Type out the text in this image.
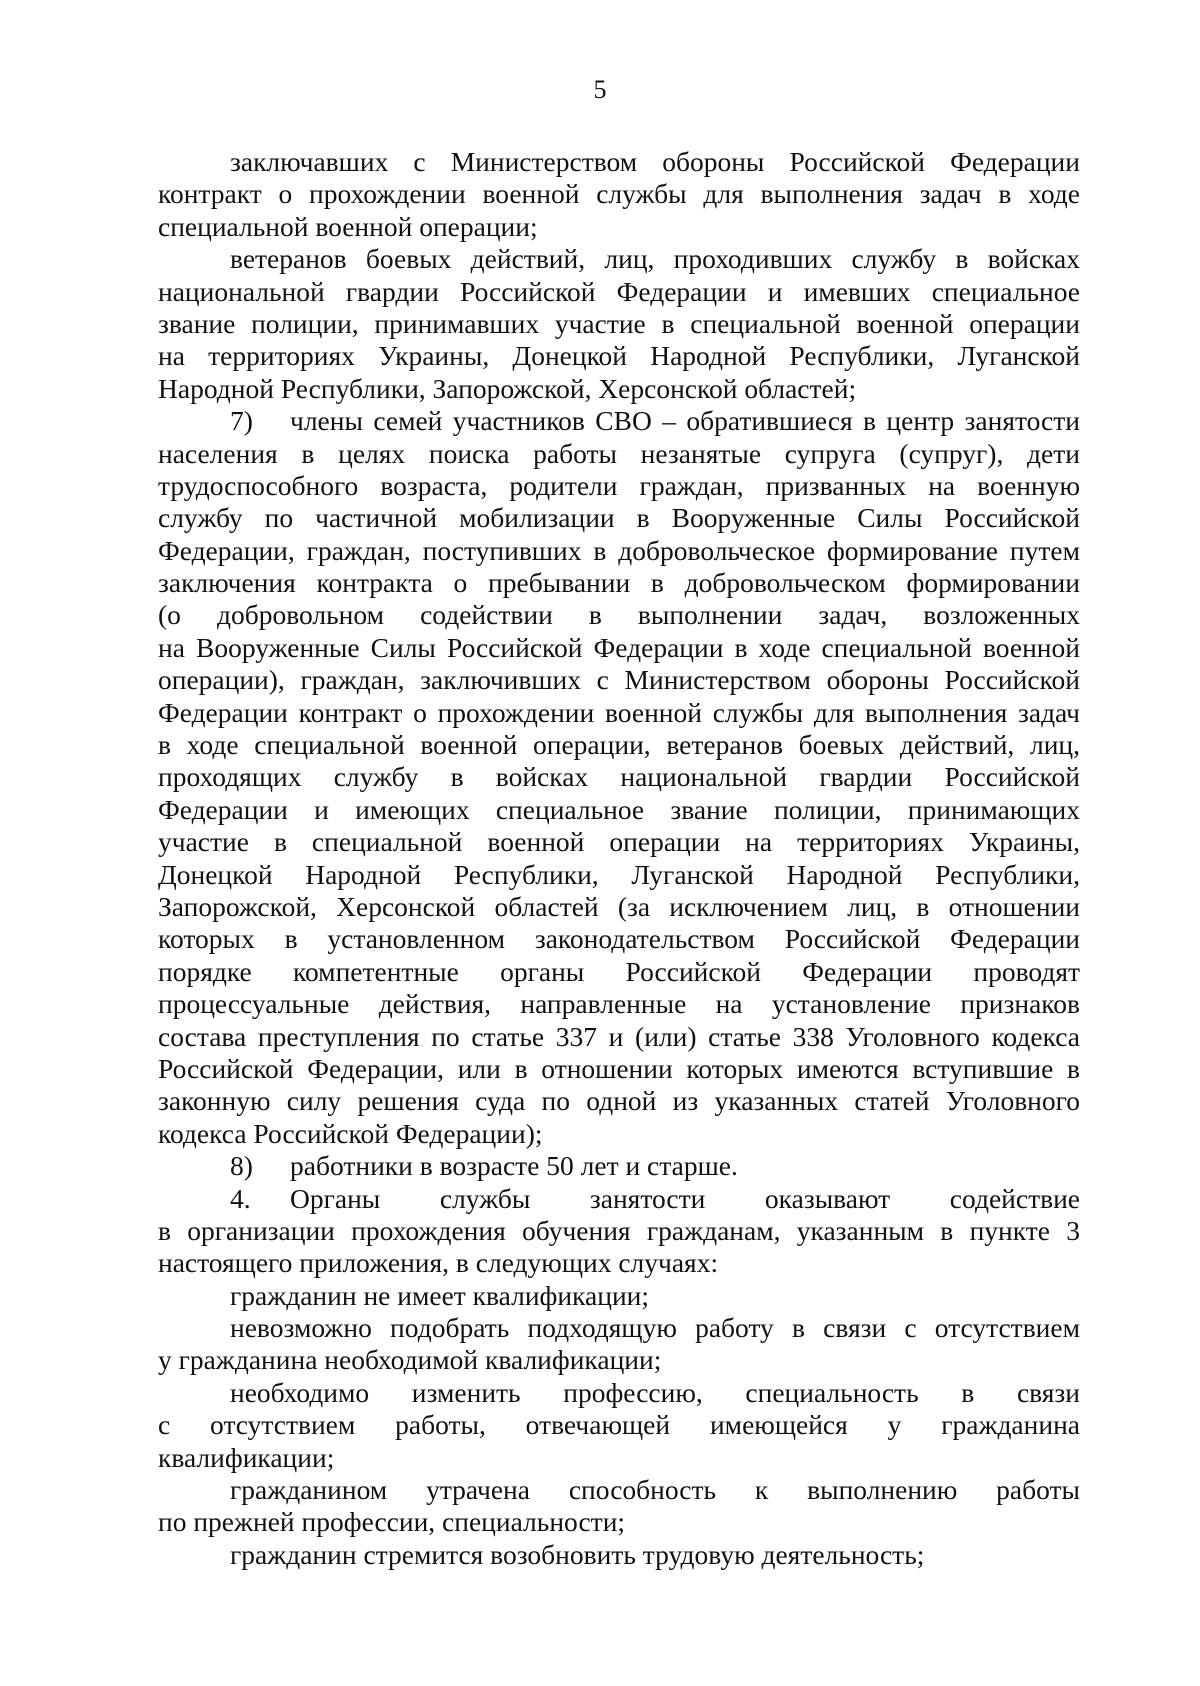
5
заключавших с Министерством обороны Российской Федерации
контракт о прохождении военной службы для выполнения задач в ходе
специальной военной операции;
ветеранов боевых действий, лиц, проходивших службу в войсках
национальной гвардии Российской Федерации и имевших специальное
звание полиции, принимавших участие в специальной военной операции
на территориях Украины, Донецкой Народной Республики, Луганской
Народной Республики, Запорожской, Херсонской областей;
7)	члены семей участников СВО – обратившиеся в центр занятости
населения в целях поиска работы незанятые супруга (супруг), дети
трудоспособного возраста, родители граждан, призванных на военную
службу по частичной мобилизации в Вооруженные Силы Российской
Федерации, граждан, поступивших в добровольческое формирование путем
заключения контракта о пребывании в добровольческом формировании
(о добровольном содействии в выполнении задач, возложенных
на Вооруженные Силы Российской Федерации в ходе специальной военной
операции), граждан, заключивших с Министерством обороны Российской
Федерации контракт о прохождении военной службы для выполнения задач
в ходе специальной военной операции, ветеранов боевых действий, лиц,
проходящих службу в войсках национальной гвардии Российской
Федерации и имеющих специальное звание полиции, принимающих
участие в специальной военной операции на территориях Украины,
Донецкой Народной Республики, Луганской Народной Республики,
Запорожской, Херсонской областей (за исключением лиц, в отношении
которых в установленном законодательством Российской Федерации
порядке компетентные органы Российской Федерации проводят
процессуальные действия, направленные на установление признаков
состава преступления по статье 337 и (или) статье 338 Уголовного кодекса
Российской Федерации, или в отношении которых имеются вступившие в
законную силу решения суда по одной из указанных статей Уголовного
кодекса Российской Федерации);
8) работники в возрасте 50 лет и старше.
4.	Органы службы занятости оказывают содействие
в организации прохождения обучения гражданам, указанным в пункте 3
настоящего приложения, в следующих случаях:
гражданин не имеет квалификации;
невозможно подобрать подходящую работу в связи с отсутствием
у гражданина необходимой квалификации;
необходимо изменить профессию, специальность в связи
с отсутствием работы, отвечающей имеющейся у гражданина
квалификации;
гражданином утрачена способность к выполнению работы
по прежней профессии, специальности;
гражданин стремится возобновить трудовую деятельность;
